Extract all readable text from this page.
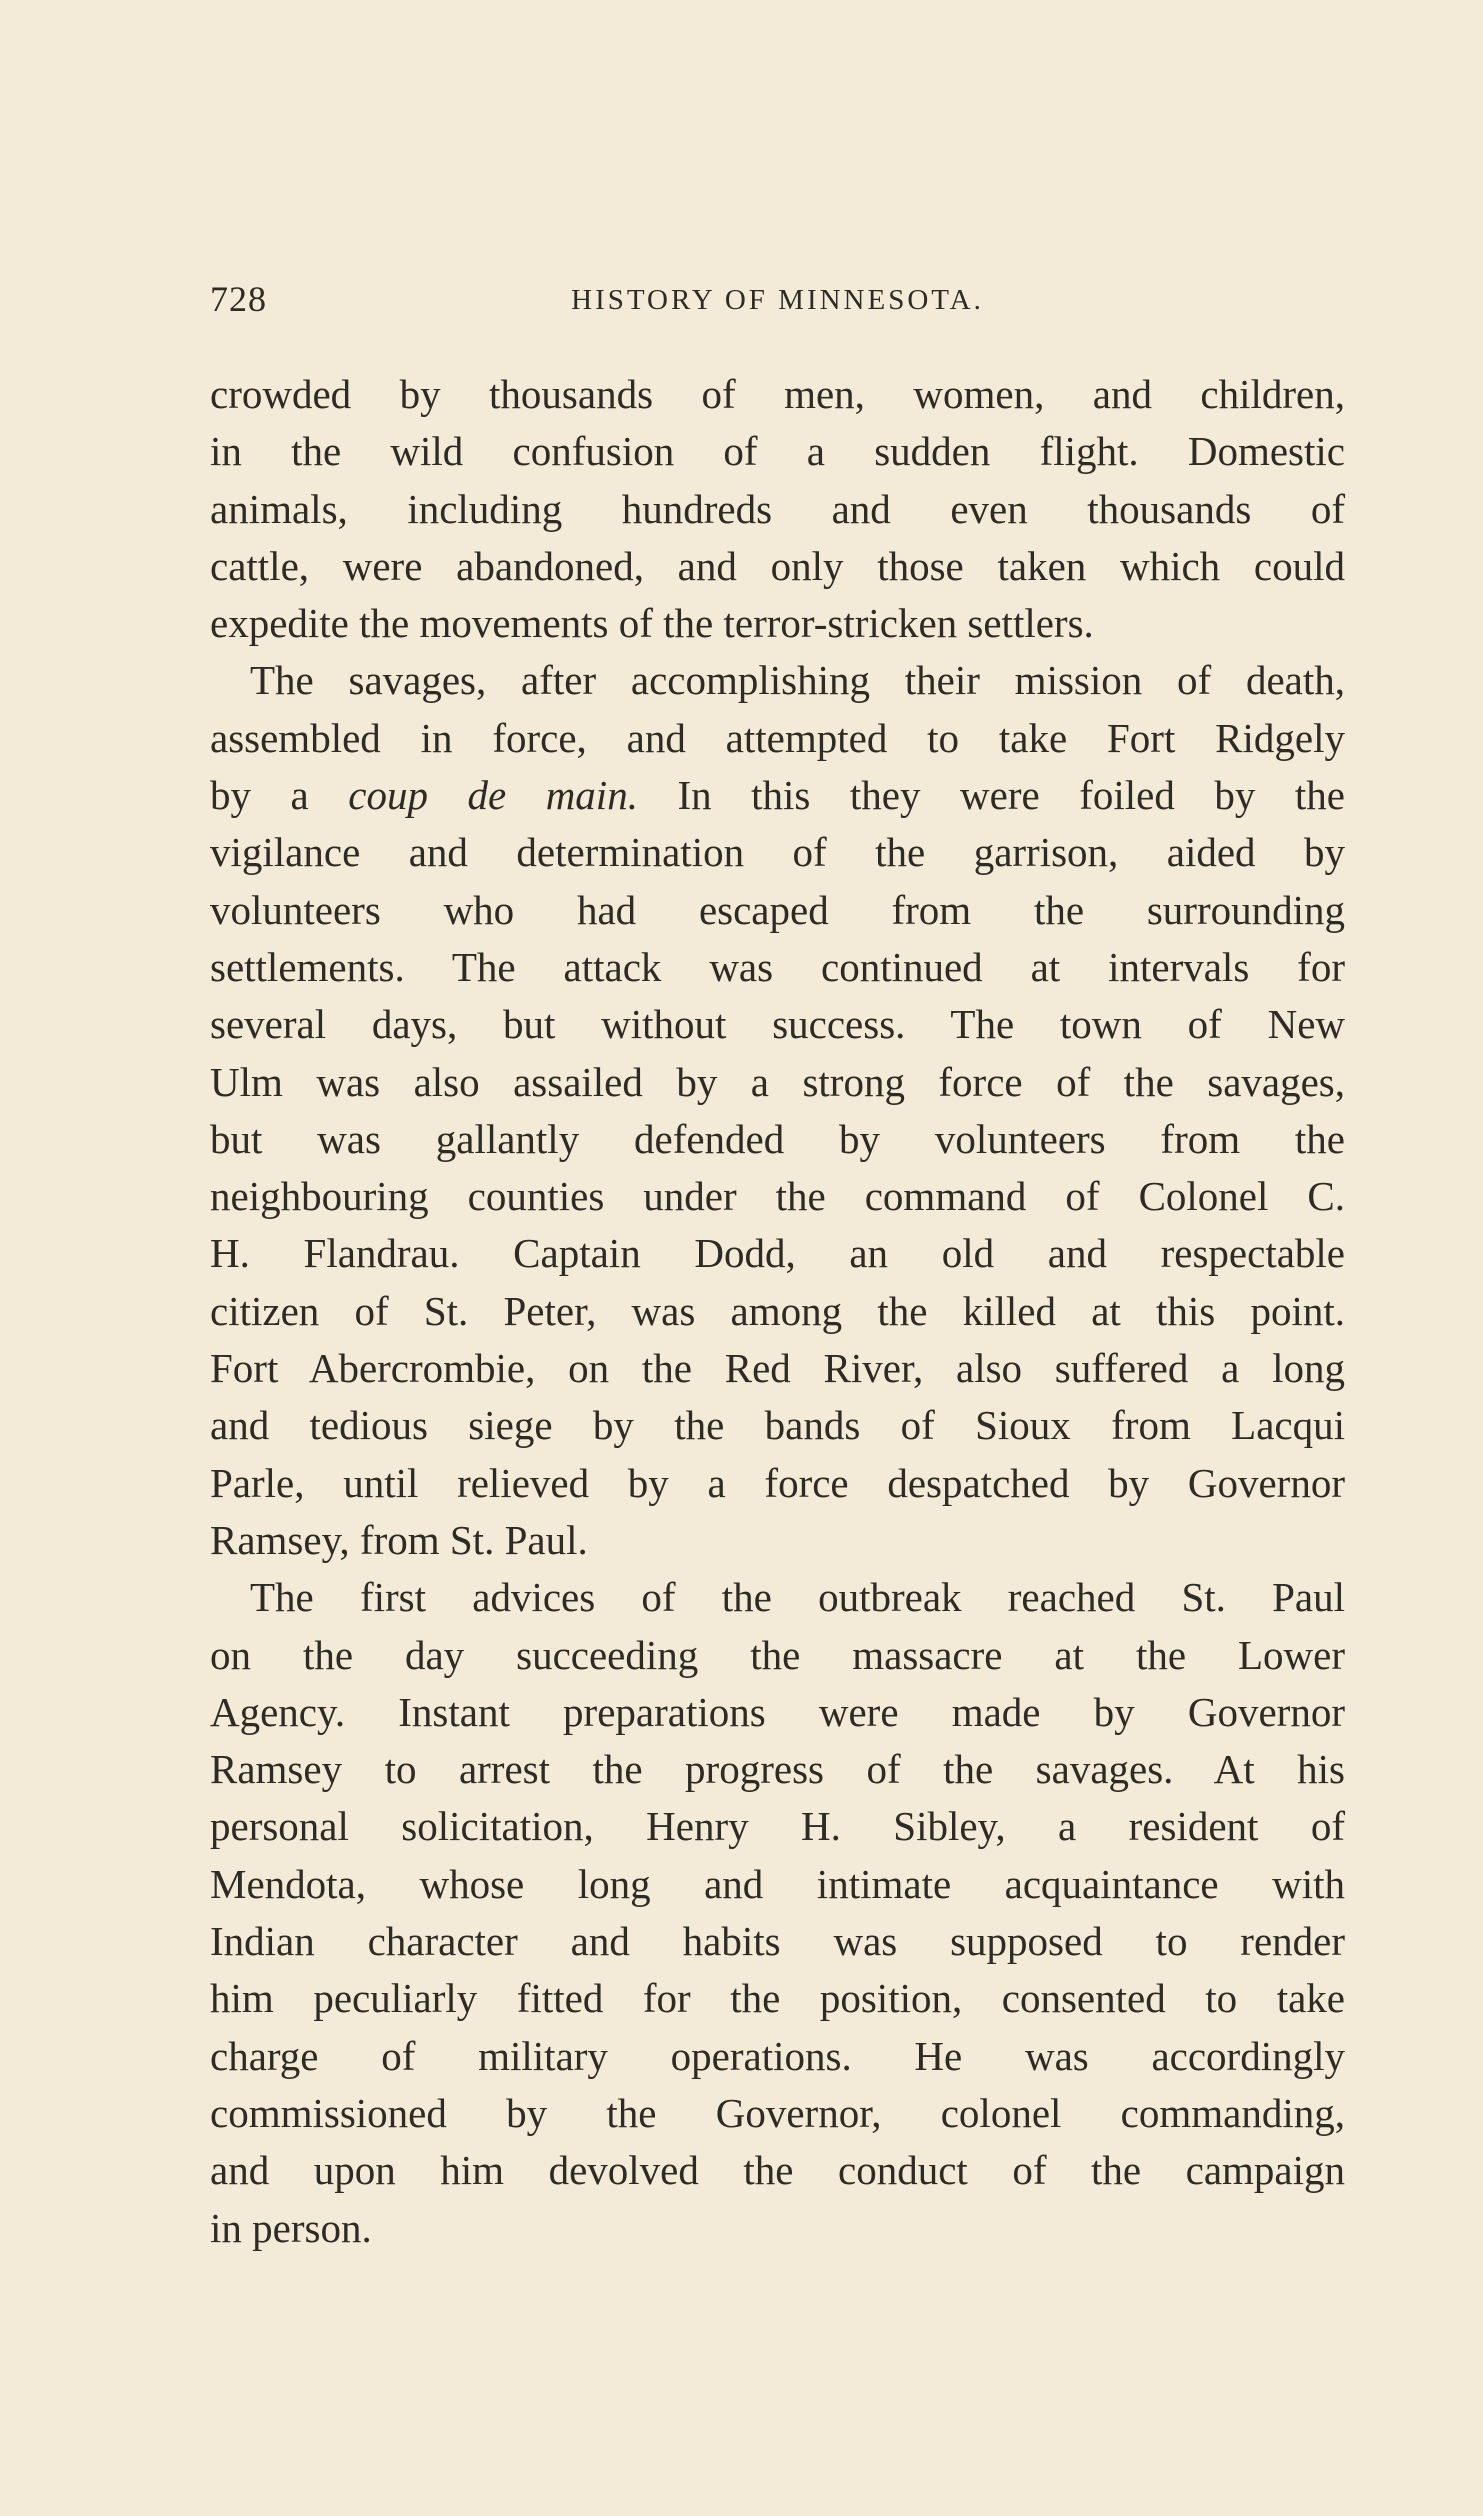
728	HISTORY OF MINNESOTA.
crowded by thousands of men, women, and children,
in the wild confusion of a sudden flight. Domestic
animals, including hundreds and even thousands of
cattle, were abandoned, and only those taken which could
expedite the movements of the terror-stricken settlers.
The savages, after accomplishing their mission of death,
assembled in force, and attempted to take Fort Ridgely
by a coup de main. In this they were foiled by the
vigilance and determination of the garrison, aided by
volunteers who had escaped from the surrounding
settlements. The attack was continued at intervals for
several days, but without success. The town of New
Ulm was also assailed by a strong force of the savages,
but was gallantly defended by volunteers from the
neighbouring counties under the command of Colonel C.
H. Flandrau. Captain Dodd, an old and respectable
citizen of St. Peter, was among the killed at this point.
Fort Abercrombie, on the Red River, also suffered a long
and tedious siege by the bands of Sioux from Lacqui
Parle, until relieved by a force despatched by Governor
Ramsey, from St. Paul.
The first advices of the outbreak reached St. Paul
on the day succeeding the massacre at the Lower
Agency. Instant preparations were made by Governor
Ramsey to arrest the progress of the savages. At his
personal solicitation, Henry H. Sibley, a resident of
Mendota, whose long and intimate acquaintance with
Indian character and habits was supposed to render
him peculiarly fitted for the position, consented to take
charge of military operations. He was accordingly
commissioned by the Governor, colonel commanding,
and upon him devolved the conduct of the campaign
in person.
